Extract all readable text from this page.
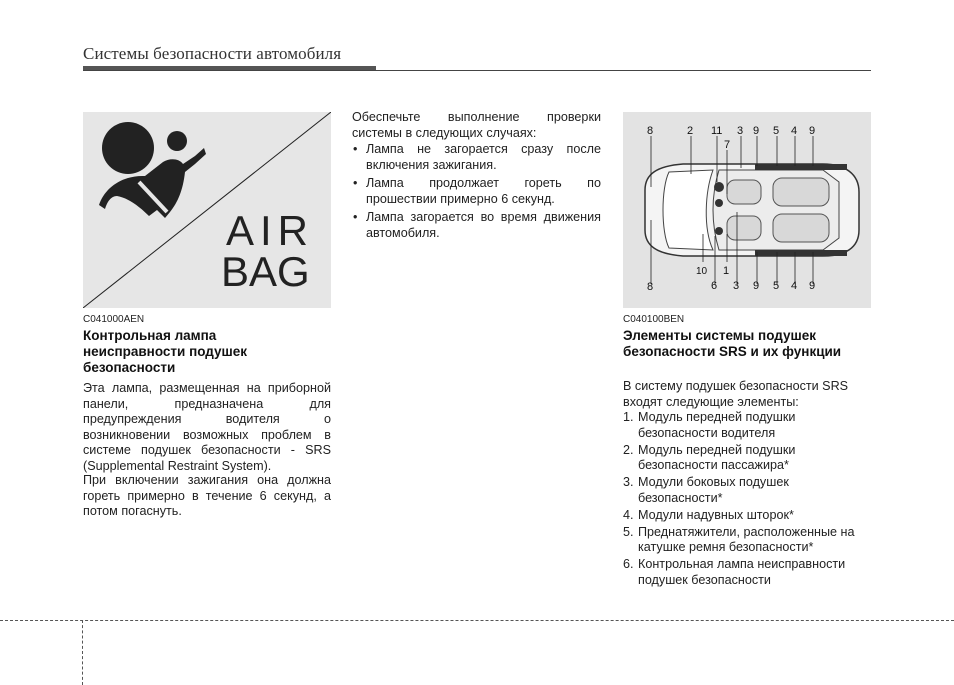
Системы безопасности автомобиля
AIR
BAG
C041000AEN
Контрольная лампа неисправности подушек безопасности

Эта лампа, размещенная на приборной панели, предназначена для предупреждения водителя о возникновении возможных проблем в системе подушек безопасности - SRS (Supplemental Restraint System).

При включении зажигания она должна гореть примерно в течение 6 секунд, а потом погаснуть.

Обеспечьте выполнение проверки системы в следующих случаях:

• Лампа не загорается сразу после включения зажигания.
• Лампа продолжает гореть по прошествии примерно 6 секунд.
• Лампа загорается во время движения автомобиля.
8	2 11 3 9 5 4 9
7
10 1
8	6 3 9 5 4 9
C040100BEN
Элементы системы подушек безопасности SRS и их функции

В систему подушек безопасности SRS входят следующие элементы:

1. Модуль передней подушки безопасности водителя
2. Модуль передней подушки безопасности пассажира*
3. Модули боковых подушек безопасности*
4. Модули надувных шторок*
5. Преднатяжители, расположенные на катушке ремня безопасности*
6. Контрольная лампа неисправности подушек безопасности
